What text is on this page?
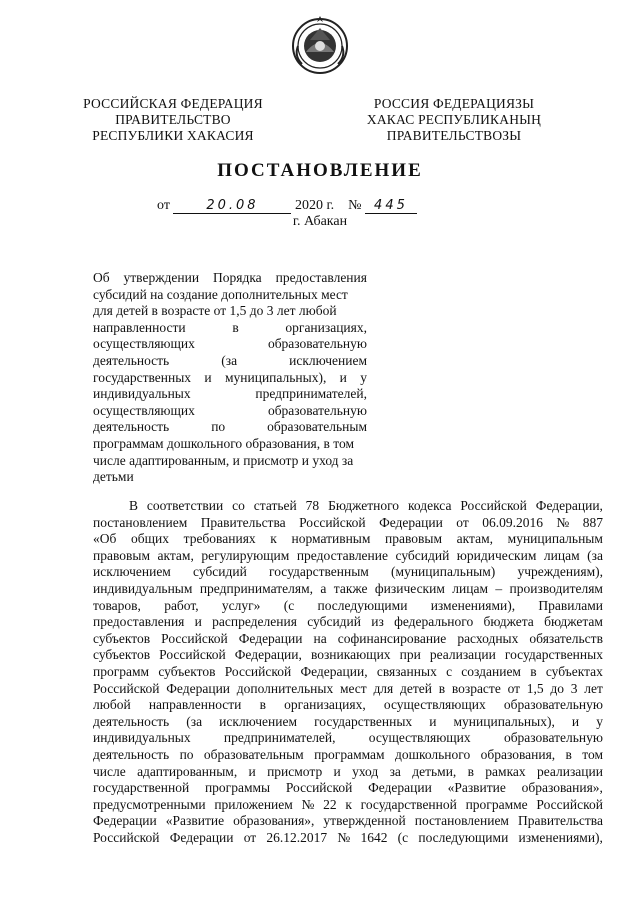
РОССИЙСКАЯ ФЕДЕРАЦИЯ
ПРАВИТЕЛЬСТВО
РЕСПУБЛИКИ ХАКАСИЯ
РОССИЯ ФЕДЕРАЦИЯЗЫ
ХАКАС РЕСПУБЛИКАНЫҢ
ПРАВИТЕЛЬСТВОЗЫ
ПОСТАНОВЛЕНИЕ
от	20.08	2020 г. № 445
г. Абакан
Об утверждении Порядка предоставления
субсидий на создание дополнительных мест
для детей в возрасте от 1,5 до 3 лет любой
направленности	в	организациях,
осуществляющих	образовательную
деятельность	(за	исключением
государственных и муниципальных), и у
индивидуальных	предпринимателей,
осуществляющих	образовательную
деятельность	по	образовательным
программам дошкольного образования, в том
числе адаптированным, и присмотр и уход за
детьми
В соответствии со статьей 78 Бюджетного кодекса Российской Федерации,
постановлением Правительства Российской Федерации от 06.09.2016 № 887
«Об общих требованиях к нормативным правовым актам, муниципальным
правовым актам, регулирующим предоставление субсидий юридическим лицам (за
исключением субсидий государственным (муниципальным) учреждениям),
индивидуальным предпринимателям, а также физическим лицам – производителям
товаров, работ, услуг» (с последующими изменениями), Правилами
предоставления и распределения субсидий из федерального бюджета бюджетам
субъектов Российской Федерации на софинансирование расходных обязательств
субъектов Российской Федерации, возникающих при реализации государственных
программ субъектов Российской Федерации, связанных с созданием в субъектах
Российской Федерации дополнительных мест для детей в возрасте от 1,5 до 3 лет
любой направленности в организациях, осуществляющих образовательную
деятельность (за исключением государственных и муниципальных), и у
индивидуальных предпринимателей, осуществляющих образовательную
деятельность по образовательным программам дошкольного образования, в том
числе адаптированным, и присмотр и уход за детьми, в рамках реализации
государственной программы Российской Федерации «Развитие образования»,
предусмотренными приложением № 22 к государственной программе Российской
Федерации «Развитие образования», утвержденной постановлением Правительства
Российской Федерации от 26.12.2017 № 1642 (с последующими изменениями),
